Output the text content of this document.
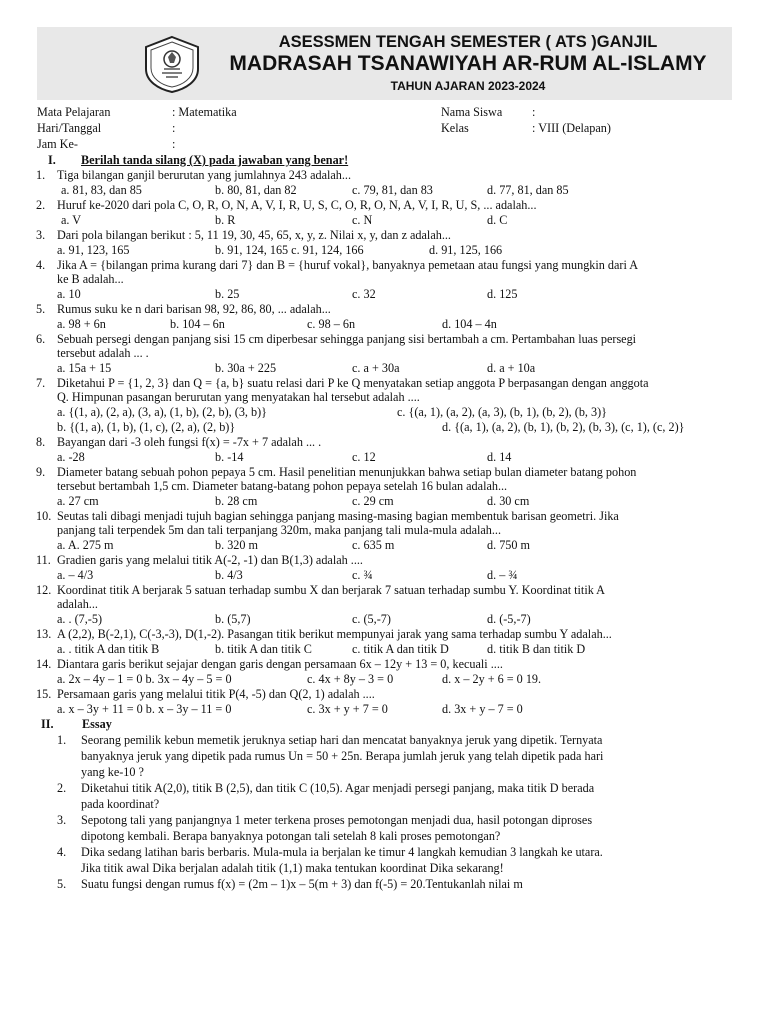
ASESSMEN TENGAH SEMESTER ( ATS )GANJIL
MADRASAH TSANAWIYAH AR-RUM AL-ISLAMY
TAHUN AJARAN 2023-2024
Mata Pelajaran	: Matematika	Nama Siswa :
Hari/Tanggal	:	Kelas	: VIII (Delapan)
Jam Ke-	:
I. Berilah tanda silang (X) pada jawaban yang benar!
1. Tiga bilangan ganjil berurutan yang jumlahnya 243 adalah...
a. 81, 83, dan 85	b. 80, 81, dan 82	c. 79, 81, dan 83	d. 77, 81, dan 85
2. Huruf ke-2020 dari pola C, O, R, O, N, A, V, I, R, U, S, C, O, R, O, N, A, V, I, R, U, S, ... adalah...
a. V	b. R	c. N	d. C
3. Dari pola bilangan berikut : 5, 11 19, 30, 45, 65, x, y, z. Nilai x, y, dan z adalah...
a. 91, 123, 165	b. 91, 124, 165 c. 91, 124, 166	d. 91, 125, 166
4. Jika A = {bilangan prima kurang dari 7} dan B = {huruf vokal}, banyaknya pemetaan atau fungsi yang mungkin dari A
ke B adalah...
a. 10	b. 25	c. 32	d. 125
5. Rumus suku ke n dari barisan 98, 92, 86, 80, ... adalah...
a. 98 + 6n	b. 104 – 6n	c. 98 – 6n	d. 104 – 4n
6. Sebuah persegi dengan panjang sisi 15 cm diperbesar sehingga panjang sisi bertambah a cm. Pertambahan luas persegi
tersebut adalah ... .
a. 15a + 15	b. 30a + 225	c. a + 30a	d. a + 10a
7. Diketahui P = {1, 2, 3} dan Q = {a, b} suatu relasi dari P ke Q menyatakan setiap anggota P berpasangan dengan anggota
Q. Himpunan pasangan berurutan yang menyatakan hal tersebut adalah ....
a. {(1, a), (2, a), (3, a), (1, b), (2, b), (3, b)}	c. {(a, 1), (a, 2), (a, 3), (b, 1), (b, 2), (b, 3)}
b. {(1, a), (1, b), (1, c), (2, a), (2, b)}	d. {(a, 1), (a, 2), (b, 1), (b, 2), (b, 3), (c, 1), (c, 2)}
8. Bayangan dari -3 oleh fungsi f(x) = -7x + 7 adalah ... .
a. -28	b. -14	c. 12	d. 14
9. Diameter batang sebuah pohon pepaya 5 cm. Hasil penelitian menunjukkan bahwa setiap bulan diameter batang pohon
tersebut bertambah 1,5 cm. Diameter batang-batang pohon pepaya setelah 16 bulan adalah...
a. 27 cm	b. 28 cm	c. 29 cm	d. 30 cm
10. Seutas tali dibagi menjadi tujuh bagian sehingga panjang masing-masing bagian membentuk barisan geometri. Jika
panjang tali terpendek 5m dan tali terpanjang 320m, maka panjang tali mula-mula adalah...
a. A. 275 m	b. 320 m	c. 635 m	d. 750 m
11. Gradien garis yang melalui titik A(-2, -1) dan B(1,3) adalah ....
a. – 4/3	b. 4/3	c. ¾	d. – ¾
12. Koordinat titik A berjarak 5 satuan terhadap sumbu X dan berjarak 7 satuan terhadap sumbu Y. Koordinat titik A
adalah...
a. . (7,-5)	b. (5,7)	c. (5,-7)	d. (-5,-7)
13. A (2,2), B(-2,1), C(-3,-3), D(1,-2). Pasangan titik berikut mempunyai jarak yang sama terhadap sumbu Y adalah...
a. . titik A dan titik B	b. titik A dan titik C	c. titik A dan titik D	d. titik B dan titik D
14. Diantara garis berikut sejajar dengan garis dengan persamaan 6x – 12y + 13 = 0, kecuali ....
a. 2x – 4y – 1 = 0 b. 3x – 4y – 5 = 0	c. 4x + 8y – 3 = 0	d. x – 2y + 6 = 0 19.
15. Persamaan garis yang melalui titik P(4, -5) dan Q(2, 1) adalah ....
a. x – 3y + 11 = 0 b. x – 3y – 11 = 0	c. 3x + y + 7 = 0	d. 3x + y – 7 = 0
II. Essay
1. Seorang pemilik kebun memetik jeruknya setiap hari dan mencatat banyaknya jeruk yang dipetik. Ternyata
banyaknya jeruk yang dipetik pada rumus Un = 50 + 25n. Berapa jumlah jeruk yang telah dipetik pada hari
yang ke-10 ?
2. Diketahui titik A(2,0), titik B (2,5), dan titik C (10,5). Agar menjadi persegi panjang, maka titik D berada
pada koordinat?
3. Sepotong tali yang panjangnya 1 meter terkena proses pemotongan menjadi dua, hasil potongan diproses
dipotong kembali. Berapa banyaknya potongan tali setelah 8 kali proses pemotongan?
4. Dika sedang latihan baris berbaris. Mula-mula ia berjalan ke timur 4 langkah kemudian 3 langkah ke utara.
Jika titik awal Dika berjalan adalah titik (1,1) maka tentukan koordinat Dika sekarang!
5. Suatu fungsi dengan rumus f(x) = (2m – 1)x – 5(m + 3) dan f(-5) = 20.Tentukanlah nilai m
